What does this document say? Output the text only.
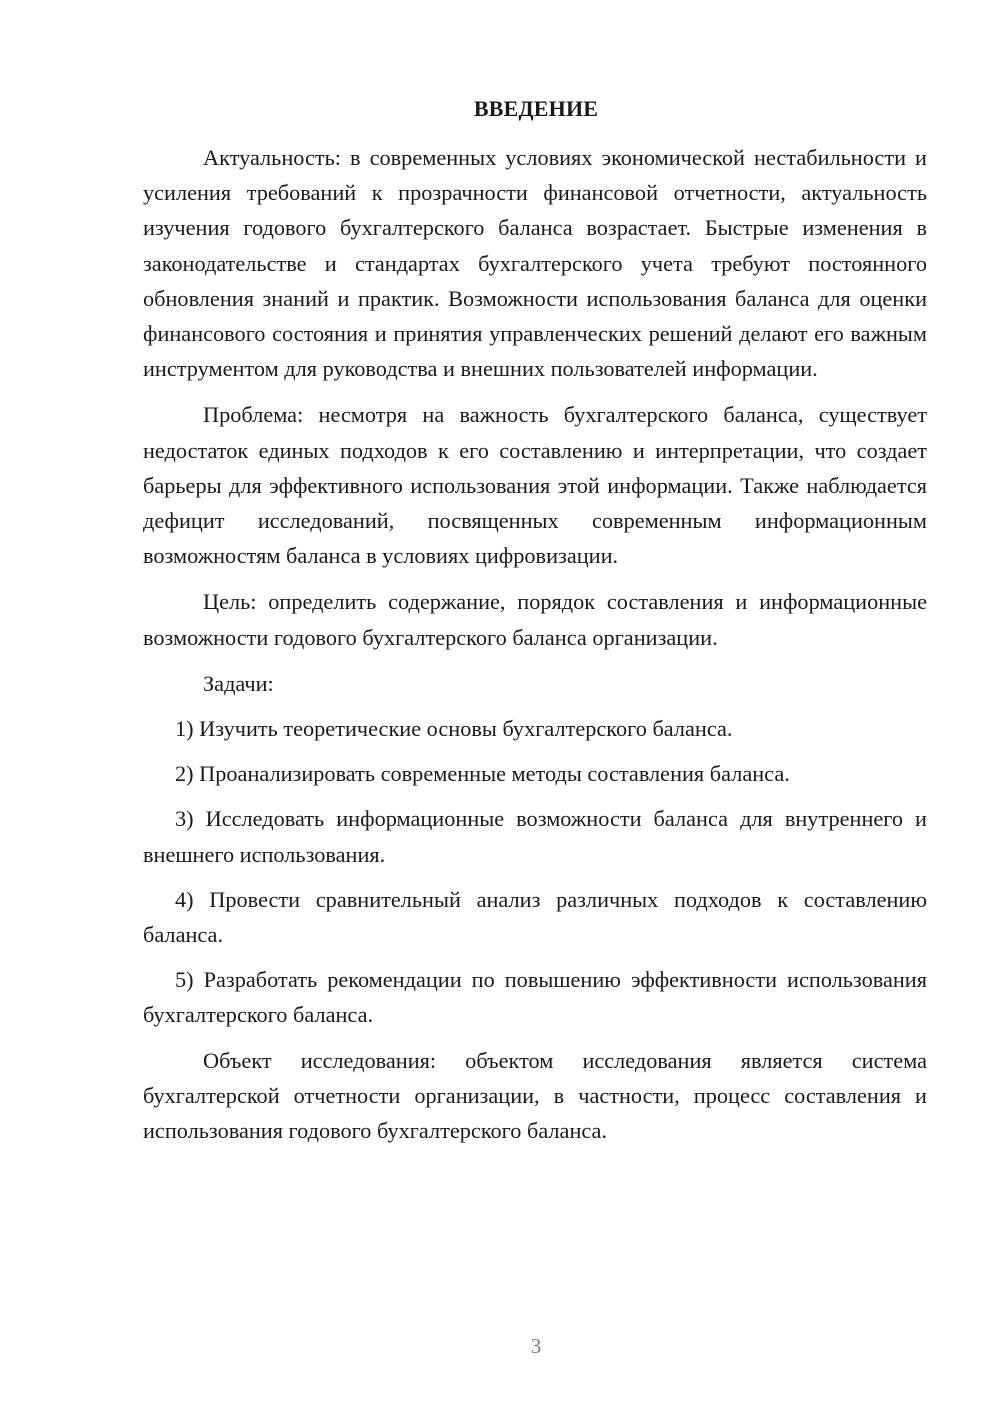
ВВЕДЕНИЕ

Актуальность: в современных условиях экономической нестабильности и усиления требований к прозрачности финансовой отчетности, актуальность изучения годового бухгалтерского баланса возрастает. Быстрые изменения в законодательстве и стандартах бухгалтерского учета требуют постоянного обновления знаний и практик. Возможности использования баланса для оценки финансового состояния и принятия управленческих решений делают его важным инструментом для руководства и внешних пользователей информации.

Проблема: несмотря на важность бухгалтерского баланса, существует недостаток единых подходов к его составлению и интерпретации, что создает барьеры для эффективного использования этой информации. Также наблюдается дефицит исследований, посвященных современным информационным возможностям баланса в условиях цифровизации.

Цель: определить содержание, порядок составления и информационные возможности годового бухгалтерского баланса организации.

Задачи:

1) Изучить теоретические основы бухгалтерского баланса.

2) Проанализировать современные методы составления баланса.

3) Исследовать информационные возможности баланса для внутреннего и внешнего использования.

4) Провести сравнительный анализ различных подходов к составлению баланса.

5) Разработать рекомендации по повышению эффективности использования бухгалтерского баланса.

Объект исследования: объектом исследования является система бухгалтерской отчетности организации, в частности, процесс составления и использования годового бухгалтерского баланса.

3
